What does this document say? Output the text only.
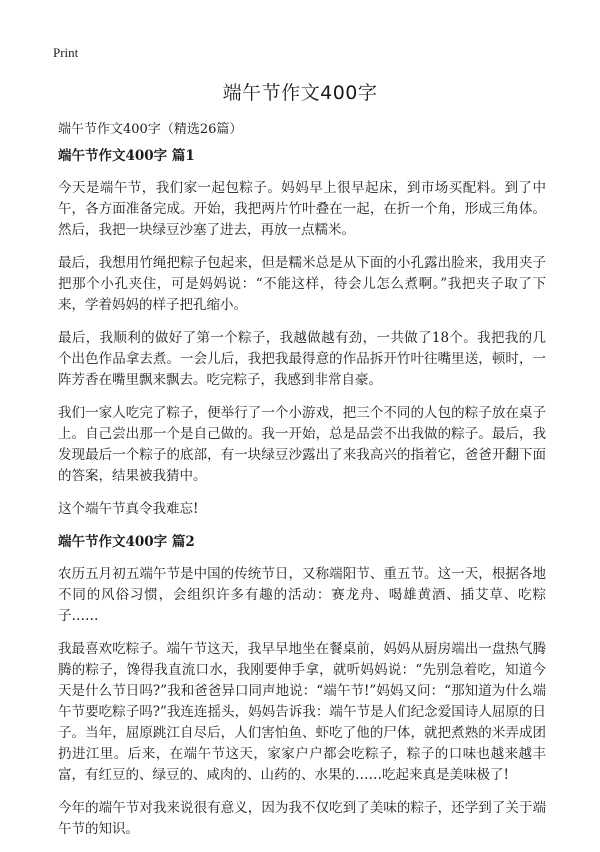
Print
端午节作文400字
端午节作文400字（精选26篇）
端午节作文400字 篇1

今天是端午节，我们家一起包粽子。妈妈早上很早起床，到市场买配料。到了中午，各方面准备完成。开始，我把两片竹叶叠在一起，在折一个角，形成三角体。然后，我把一块绿豆沙塞了进去，再放一点糯米。

最后，我想用竹绳把粽子包起来，但是糯米总是从下面的小孔露出脸来，我用夹子把那个小孔夹住，可是妈妈说：“不能这样，待会儿怎么煮啊。”我把夹子取了下来，学着妈妈的样子把孔缩小。

最后，我顺利的做好了第一个粽子，我越做越有劲，一共做了18个。我把我的几个出色作品拿去煮。一会儿后，我把我最得意的作品拆开竹叶往嘴里送，顿时，一阵芳香在嘴里飘来飘去。吃完粽子，我感到非常自豪。

我们一家人吃完了粽子，便举行了一个小游戏，把三个不同的人包的粽子放在桌子上。自己尝出那一个是自己做的。我一开始，总是品尝不出我做的粽子。最后，我发现最后一个粽子的底部，有一块绿豆沙露出了来我高兴的指着它，爸爸开翻下面的答案，结果被我猜中。

这个端午节真令我难忘!

端午节作文400字 篇2

农历五月初五端午节是中国的传统节日，又称端阳节、重五节。这一天，根据各地不同的风俗习惯，会组织许多有趣的活动：赛龙舟、喝雄黄酒、插艾草、吃粽子……

我最喜欢吃粽子。端午节这天，我早早地坐在餐桌前，妈妈从厨房端出一盘热气腾腾的粽子，馋得我直流口水，我刚要伸手拿，就听妈妈说：“先别急着吃，知道今天是什么节日吗?”我和爸爸异口同声地说：“端午节!”妈妈又问：“那知道为什么端午节要吃粽子吗?”我连连摇头，妈妈告诉我：端午节是人们纪念爱国诗人屈原的日子。当年，屈原跳江自尽后，人们害怕鱼、虾吃了他的尸体，就把煮熟的米弄成团扔进江里。后来，在端午节这天，家家户户都会吃粽子，粽子的口味也越来越丰富，有红豆的、绿豆的、咸肉的、山药的、水果的……吃起来真是美味极了!

今年的端午节对我来说很有意义，因为我不仅吃到了美味的粽子，还学到了关于端午节的知识。
